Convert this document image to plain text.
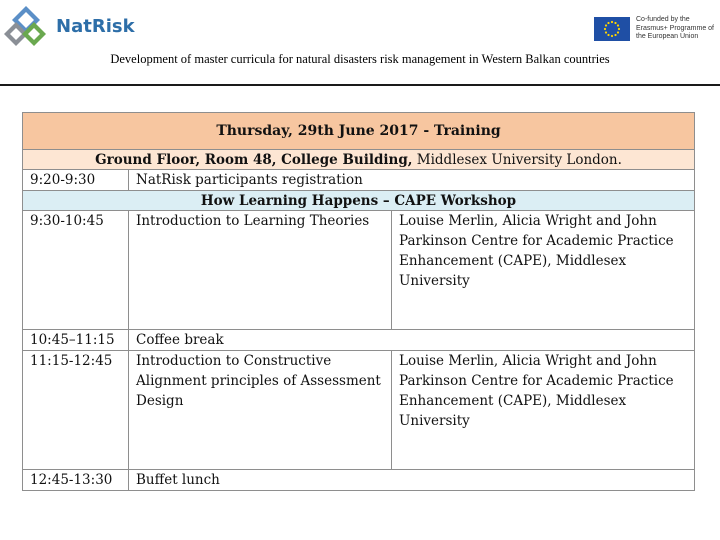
NatRisk	Co-funded by the Erasmus+ Programme of the European Union
Development of master curricula for natural disasters risk management in Western Balkan countries
Thursday, 29th June 2017 - Training		
Ground Floor, Room 48, College Building, Middlesex University London.		
9:20-9:30	NatRisk participants registration	
How Learning Happens – CAPE Workshop		
9:30-10:45	Introduction to Learning Theories	Louise Merlin, Alicia Wright and John Parkinson Centre for Academic Practice Enhancement (CAPE), Middlesex University
10:45–11:15	Coffee break	
11:15-12:45	Introduction to Constructive Alignment principles of Assessment Design	Louise Merlin, Alicia Wright and John Parkinson Centre for Academic Practice Enhancement (CAPE), Middlesex University
12:45-13:30	Buffet lunch	
